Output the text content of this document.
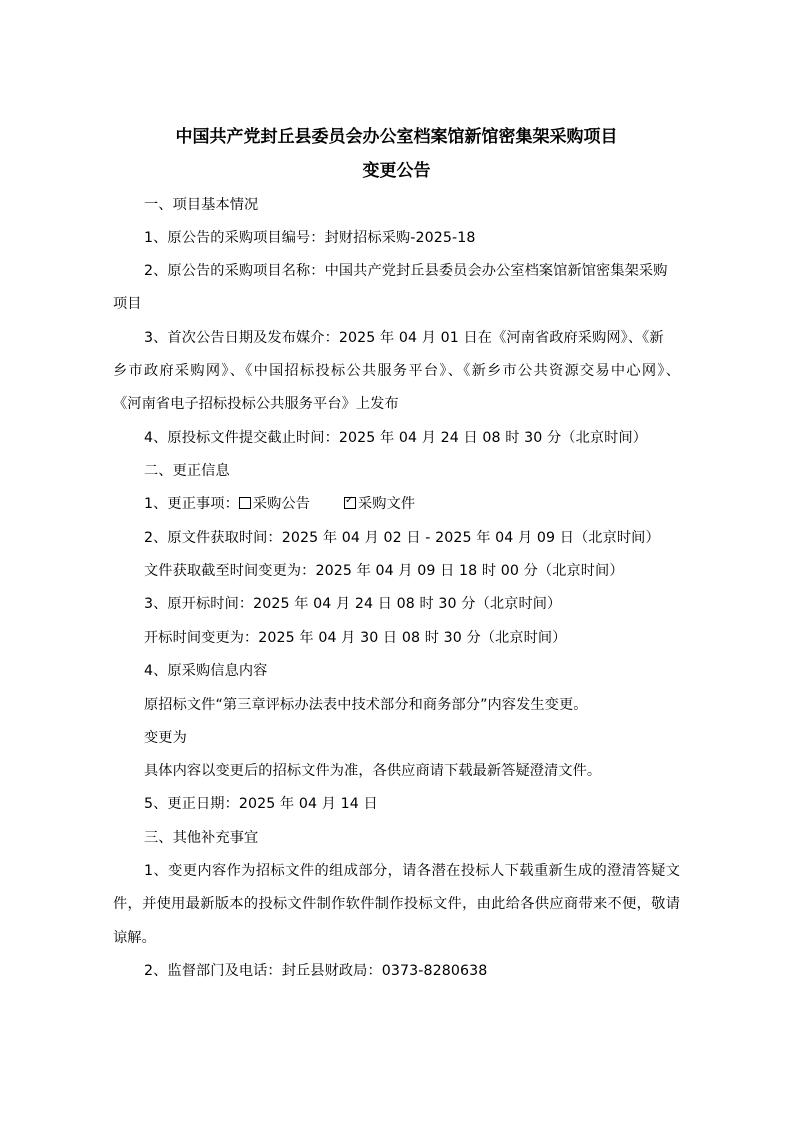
中国共产党封丘县委员会办公室档案馆新馆密集架采购项目
变更公告
一、项目基本情况
1、原公告的采购项目编号：封财招标采购-2025-18
2、原公告的采购项目名称：中国共产党封丘县委员会办公室档案馆新馆密集架采购
项目
3、首次公告日期及发布媒介：2025 年 04 月 01 日在《河南省政府采购网》、《新
乡市政府采购网》、《中国招标投标公共服务平台》、《新乡市公共资源交易中心网》、
《河南省电子招标投标公共服务平台》上发布
4、原投标文件提交截止时间：2025 年 04 月 24 日 08 时 30 分（北京时间）
二、更正信息
1、更正事项： 采购公告✓	采购文件
2、原文件获取时间：2025 年 04 月 02 日 - 2025 年 04 月 09 日（北京时间）
文件获取截至时间变更为：2025 年 04 月 09 日 18 时 00 分（北京时间）
3、原开标时间：2025 年 04 月 24 日 08 时 30 分（北京时间）
开标时间变更为：2025 年 04 月 30 日 08 时 30 分（北京时间）
4、原采购信息内容
原招标文件“第三章评标办法表中技术部分和商务部分”内容发生变更。
变更为
具体内容以变更后的招标文件为准，各供应商请下载最新答疑澄清文件。
5、更正日期：2025 年 04 月 14 日
三、其他补充事宜
1、变更内容作为招标文件的组成部分，请各潜在投标人下载重新生成的澄清答疑文
件，并使用最新版本的投标文件制作软件制作投标文件，由此给各供应商带来不便，敬请
谅解。
2、监督部门及电话：封丘县财政局：0373-8280638
